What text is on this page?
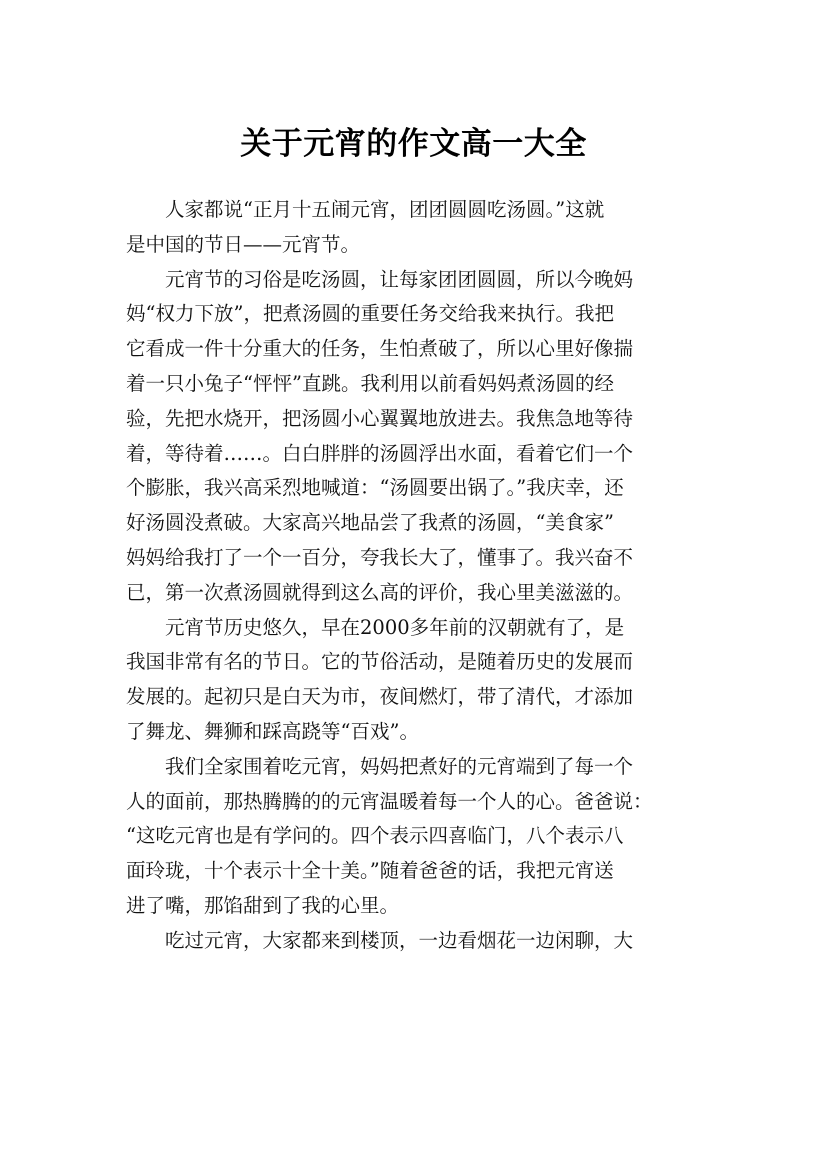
关于元宵的作文高一大全

人家都说“正月十五闹元宵，团团圆圆吃汤圆。”这就
是中国的节日——元宵节。

元宵节的习俗是吃汤圆，让每家团团圆圆，所以今晚妈
妈“权力下放”，把煮汤圆的重要任务交给我来执行。我把
它看成一件十分重大的任务，生怕煮破了，所以心里好像揣
着一只小兔子“怦怦”直跳。我利用以前看妈妈煮汤圆的经
验，先把水烧开，把汤圆小心翼翼地放进去。我焦急地等待
着，等待着……。白白胖胖的汤圆浮出水面，看着它们一个
个膨胀，我兴高采烈地喊道：“汤圆要出锅了。”我庆幸，还
好汤圆没煮破。大家高兴地品尝了我煮的汤圆，“美食家”
妈妈给我打了一个一百分，夸我长大了，懂事了。我兴奋不
已，第一次煮汤圆就得到这么高的评价，我心里美滋滋的。

元宵节历史悠久，早在2000多年前的汉朝就有了，是
我国非常有名的节日。它的节俗活动，是随着历史的发展而
发展的。起初只是白天为市，夜间燃灯，带了清代，才添加
了舞龙、舞狮和踩高跷等“百戏”。

我们全家围着吃元宵，妈妈把煮好的元宵端到了每一个
人的面前，那热腾腾的的元宵温暖着每一个人的心。爸爸说：
“这吃元宵也是有学问的。四个表示四喜临门，八个表示八
面玲珑，十个表示十全十美。”随着爸爸的话，我把元宵送
进了嘴，那馅甜到了我的心里。

吃过元宵，大家都来到楼顶，一边看烟花一边闲聊，大
